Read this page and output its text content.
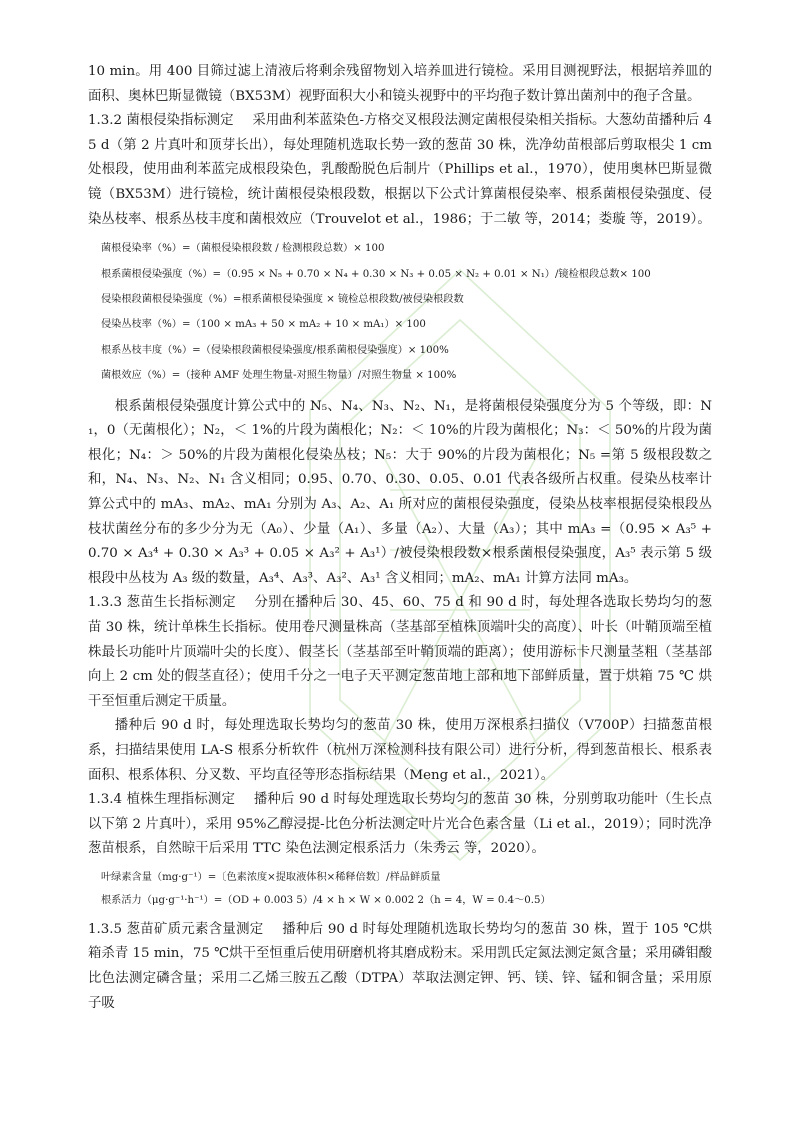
10 min。用 400 目筛过滤上清液后将剩余残留物划入培养皿进行镜检。采用目测视野法，根据培养皿的面积、奥林巴斯显微镜（BX53M）视野面积大小和镜头视野中的平均孢子数计算出菌剂中的孢子含量。

1.3.2 菌根侵染指标测定 采用曲利苯蓝染色-方格交叉根段法测定菌根侵染相关指标。大葱幼苗播种后 45 d（第 2 片真叶和顶芽长出），每处理随机选取长势一致的葱苗 30 株，洗净幼苗根部后剪取根尖 1 cm 处根段，使用曲利苯蓝完成根段染色，乳酸酚脱色后制片（Phillips et al.，1970），使用奥林巴斯显微镜（BX53M）进行镜检，统计菌根侵染根段数，根据以下公式计算菌根侵染率、根系菌根侵染强度、侵染丛枝率、根系丛枝丰度和菌根效应（Trouvelot et al.，1986；于二敏 等，2014；娄璇 等，2019）。

菌根侵染率（%）=（菌根侵染根段数 / 检测根段总数）× 100

根系菌根侵染强度（%）=（0.95 × N₅ + 0.70 × N₄ + 0.30 × N₃ + 0.05 × N₂ + 0.01 × N₁）/镜检根段总数× 100

侵染根段菌根侵染强度（%）=根系菌根侵染强度 × 镜检总根段数/被侵染根段数

侵染丛枝率（%）=（100 × mA₃ + 50 × mA₂ + 10 × mA₁）× 100

根系丛枝丰度（%）=（侵染根段菌根侵染强度/根系菌根侵染强度）× 100%

菌根效应（%）=（接种 AMF 处理生物量-对照生物量）/对照生物量 × 100%

根系菌根侵染强度计算公式中的 N₅、N₄、N₃、N₂、N₁，是将菌根侵染强度分为 5 个等级，即：N₁，0（无菌根化）；N₂，＜ 1%的片段为菌根化；N₂：＜ 10%的片段为菌根化；N₃：＜ 50%的片段为菌根化；N₄：＞ 50%的片段为菌根化侵染丛枝；N₅：大于 90%的片段为菌根化；N₅ =第 5 级根段数之和，N₄、N₃、N₂、N₁ 含义相同；0.95、0.70、0.30、0.05、0.01 代表各级所占权重。侵染丛枝率计算公式中的 mA₃、mA₂、mA₁ 分别为 A₃、A₂、A₁ 所对应的菌根侵染强度，侵染丛枝率根据侵染根段丛枝状菌丝分布的多少分为无（A₀）、少量（A₁）、多量（A₂）、大量（A₃）；其中 mA₃ =（0.95 × A₃⁵ + 0.70 × A₃⁴ + 0.30 × A₃³ + 0.05 × A₃² + A₃¹）/被侵染根段数×根系菌根侵染强度，A₃⁵ 表示第 5 级根段中丛枝为 A₃ 级的数量，A₃⁴、A₃³、A₃²、A₃¹ 含义相同；mA₂、mA₁ 计算方法同 mA₃。

1.3.3 葱苗生长指标测定 分别在播种后 30、45、60、75 d 和 90 d 时，每处理各选取长势均匀的葱苗 30 株，统计单株生长指标。使用卷尺测量株高（茎基部至植株顶端叶尖的高度）、叶长（叶鞘顶端至植株最长功能叶片顶端叶尖的长度）、假茎长（茎基部至叶鞘顶端的距离）；使用游标卡尺测量茎粗（茎基部向上 2 cm 处的假茎直径）；使用千分之一电子天平测定葱苗地上部和地下部鲜质量，置于烘箱 75 ℃ 烘干至恒重后测定干质量。

播种后 90 d 时，每处理选取长势均匀的葱苗 30 株，使用万深根系扫描仪（V700P）扫描葱苗根系，扫描结果使用 LA-S 根系分析软件（杭州万深检测科技有限公司）进行分析，得到葱苗根长、根系表面积、根系体积、分叉数、平均直径等形态指标结果（Meng et al.，2021）。

1.3.4 植株生理指标测定 播种后 90 d 时每处理选取长势均匀的葱苗 30 株，分别剪取功能叶（生长点以下第 2 片真叶），采用 95%乙醇浸提-比色分析法测定叶片光合色素含量（Li et al.，2019）；同时洗净葱苗根系，自然晾干后采用 TTC 染色法测定根系活力（朱秀云 等，2020）。

叶绿素含量（mg·g⁻¹）=〔色素浓度×提取液体积×稀释倍数〕/样品鲜质量

根系活力（μg·g⁻¹·h⁻¹）=（OD + 0.003 5）/4 × h × W × 0.002 2（h = 4，W = 0.4～0.5）

1.3.5 葱苗矿质元素含量测定 播种后 90 d 时每处理随机选取长势均匀的葱苗 30 株，置于 105 ℃烘箱杀青 15 min，75 ℃烘干至恒重后使用研磨机将其磨成粉末。采用凯氏定氮法测定氮含量；采用磷钼酸比色法测定磷含量；采用二乙烯三胺五乙酸（DTPA）萃取法测定钾、钙、镁、锌、锰和铜含量；采用原子吸
